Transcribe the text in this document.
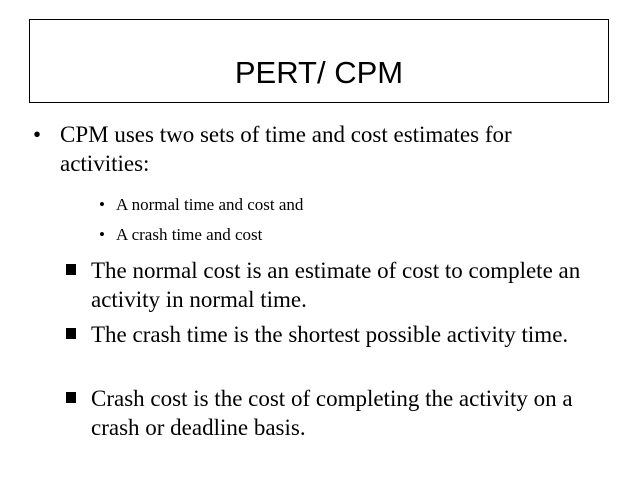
PERT/ CPM
• CPM uses two sets of time and cost estimates for activities:
• A normal time and cost and
• A crash time and cost
The normal cost is an estimate of cost to complete an activity in normal time.
The crash time is the shortest possible activity time.
Crash cost is the cost of completing the activity on a crash or deadline basis.
